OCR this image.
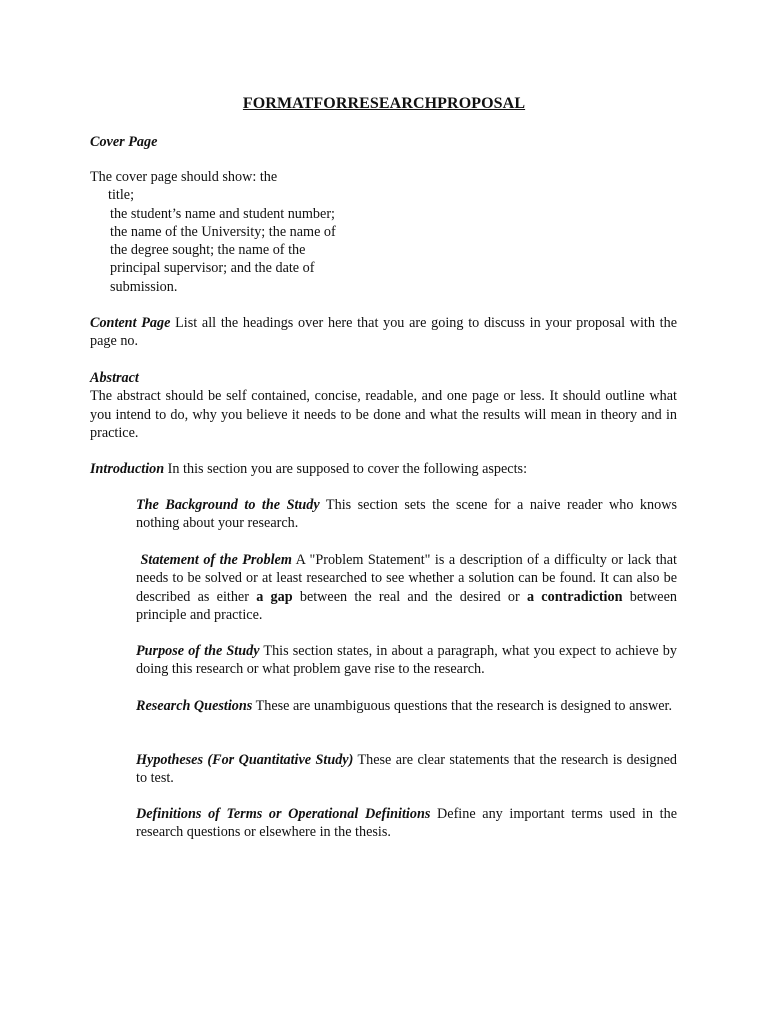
FORMATFORRESEARCHPROPOSAL
Cover Page
The cover page should show: the
title;
the student’s name and student number;
the name of the University; the name of
the degree sought; the name of the
principal supervisor; and the date of
submission.
Content Page List all the headings over here that you are going to discuss in your proposal with the page no.
Abstract
The abstract should be self contained, concise, readable, and one page or less. It should outline what you intend to do, why you believe it needs to be done and what the results will mean in theory and in practice.
Introduction In this section you are supposed to cover the following aspects:
The Background to the Study This section sets the scene for a naive reader who knows nothing about your research.
Statement of the Problem A "Problem Statement" is a description of a difficulty or lack that needs to be solved or at least researched to see whether a solution can be found. It can also be described as either a gap between the real and the desired or a contradiction between principle and practice.
Purpose of the Study This section states, in about a paragraph, what you expect to achieve by doing this research or what problem gave rise to the research.
Research Questions These are unambiguous questions that the research is designed to answer.
Hypotheses (For Quantitative Study) These are clear statements that the research is designed to test.
Definitions of Terms or Operational Definitions Define any important terms used in the research questions or elsewhere in the thesis.
